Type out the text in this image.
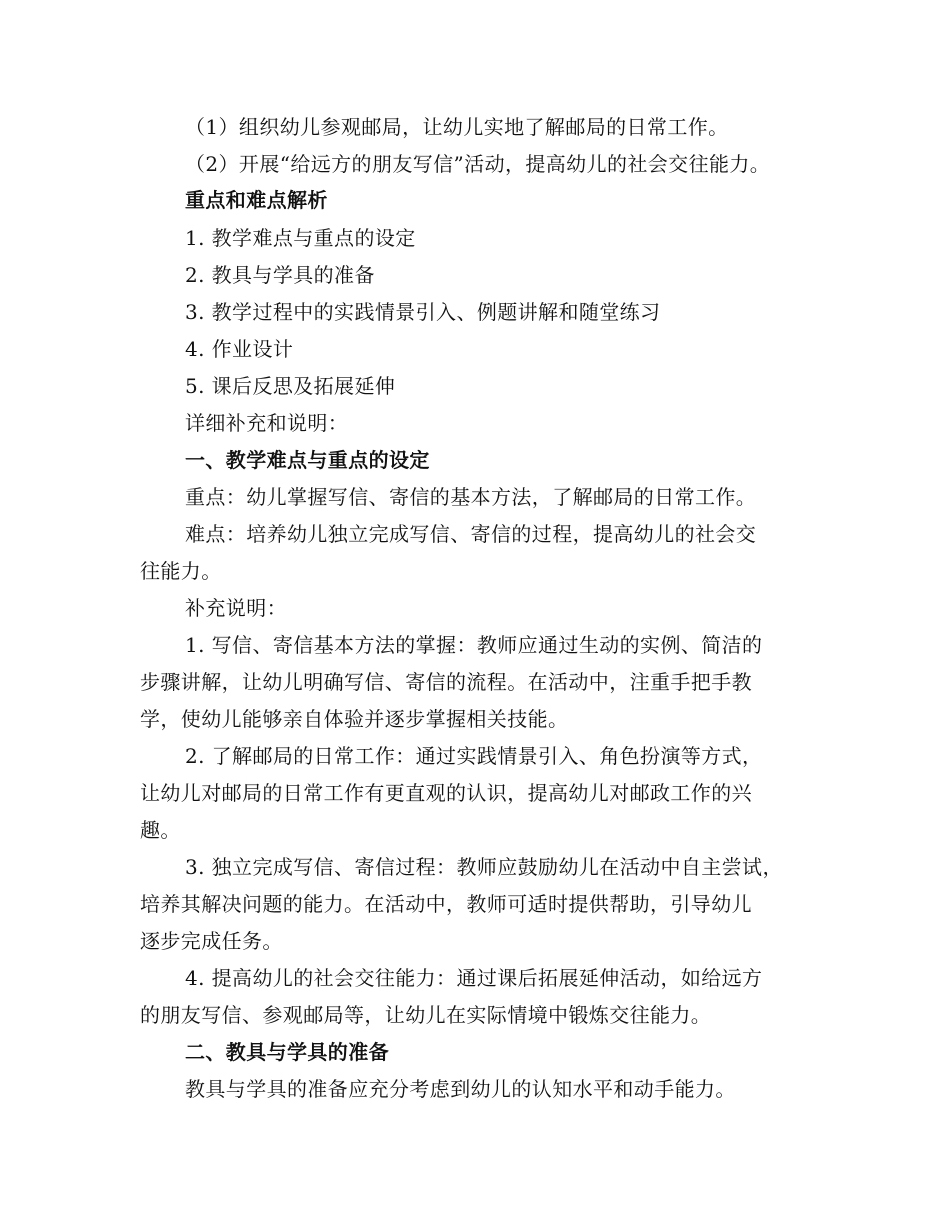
（1）组织幼儿参观邮局，让幼儿实地了解邮局的日常工作。
（2）开展“给远方的朋友写信”活动，提高幼儿的社会交往能力。
重点和难点解析
1. 教学难点与重点的设定
2. 教具与学具的准备
3. 教学过程中的实践情景引入、例题讲解和随堂练习
4. 作业设计
5. 课后反思及拓展延伸
详细补充和说明：
一、教学难点与重点的设定
重点：幼儿掌握写信、寄信的基本方法，了解邮局的日常工作。
难点：培养幼儿独立完成写信、寄信的过程，提高幼儿的社会交
往能力。
补充说明：
1. 写信、寄信基本方法的掌握：教师应通过生动的实例、简洁的
步骤讲解，让幼儿明确写信、寄信的流程。在活动中，注重手把手教
学，使幼儿能够亲自体验并逐步掌握相关技能。
2. 了解邮局的日常工作：通过实践情景引入、角色扮演等方式，
让幼儿对邮局的日常工作有更直观的认识，提高幼儿对邮政工作的兴
趣。
3. 独立完成写信、寄信过程：教师应鼓励幼儿在活动中自主尝试，
培养其解决问题的能力。在活动中，教师可适时提供帮助，引导幼儿
逐步完成任务。
4. 提高幼儿的社会交往能力：通过课后拓展延伸活动，如给远方
的朋友写信、参观邮局等，让幼儿在实际情境中锻炼交往能力。
二、教具与学具的准备
教具与学具的准备应充分考虑到幼儿的认知水平和动手能力。
